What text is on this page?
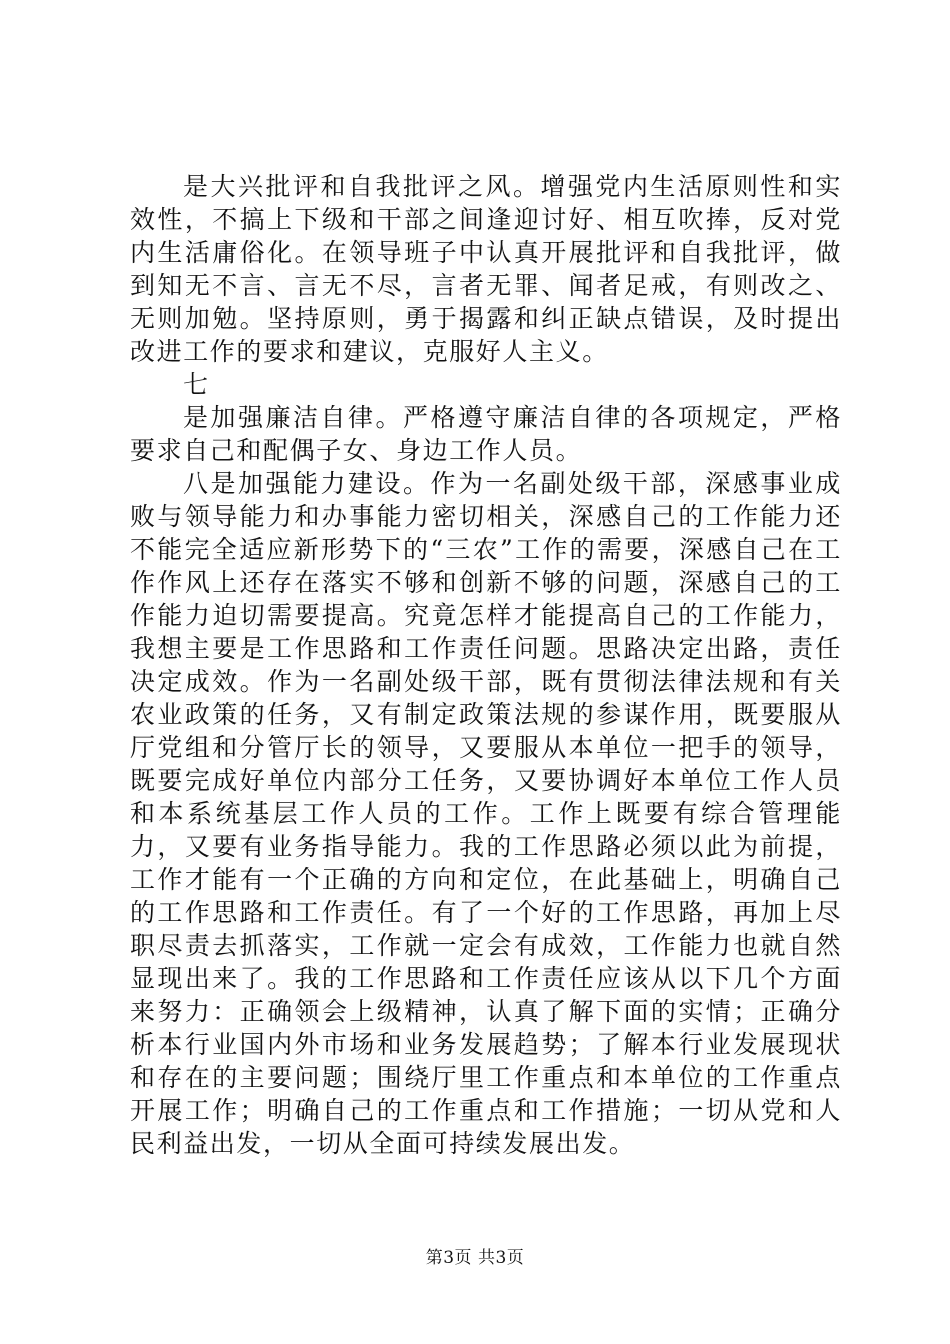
是大兴批评和自我批评之风。增强党内生活原则性和实效性，不搞上下级和干部之间逢迎讨好、相互吹捧，反对党内生活庸俗化。在领导班子中认真开展批评和自我批评，做到知无不言、言无不尽，言者无罪、闻者足戒，有则改之、无则加勉。坚持原则，勇于揭露和纠正缺点错误，及时提出改进工作的要求和建议，克服好人主义。

七

是加强廉洁自律。严格遵守廉洁自律的各项规定，严格要求自己和配偶子女、身边工作人员。

八是加强能力建设。作为一名副处级干部，深感事业成败与领导能力和办事能力密切相关，深感自己的工作能力还不能完全适应新形势下的“三农”工作的需要，深感自己在工作作风上还存在落实不够和创新不够的问题，深感自己的工作能力迫切需要提高。究竟怎样才能提高自己的工作能力，我想主要是工作思路和工作责任问题。思路决定出路，责任决定成效。作为一名副处级干部，既有贯彻法律法规和有关农业政策的任务，又有制定政策法规的参谋作用，既要服从厅党组和分管厅长的领导，又要服从本单位一把手的领导，既要完成好单位内部分工任务，又要协调好本单位工作人员和本系统基层工作人员的工作。工作上既要有综合管理能力，又要有业务指导能力。我的工作思路必须以此为前提，工作才能有一个正确的方向和定位，在此基础上，明确自己的工作思路和工作责任。有了一个好的工作思路，再加上尽职尽责去抓落实，工作就一定会有成效，工作能力也就自然显现出来了。我的工作思路和工作责任应该从以下几个方面来努力：正确领会上级精神，认真了解下面的实情；正确分析本行业国内外市场和业务发展趋势；了解本行业发展现状和存在的主要问题；围绕厅里工作重点和本单位的工作重点开展工作；明确自己的工作重点和工作措施；一切从党和人民利益出发，一切从全面可持续发展出发。

第3页 共3页
